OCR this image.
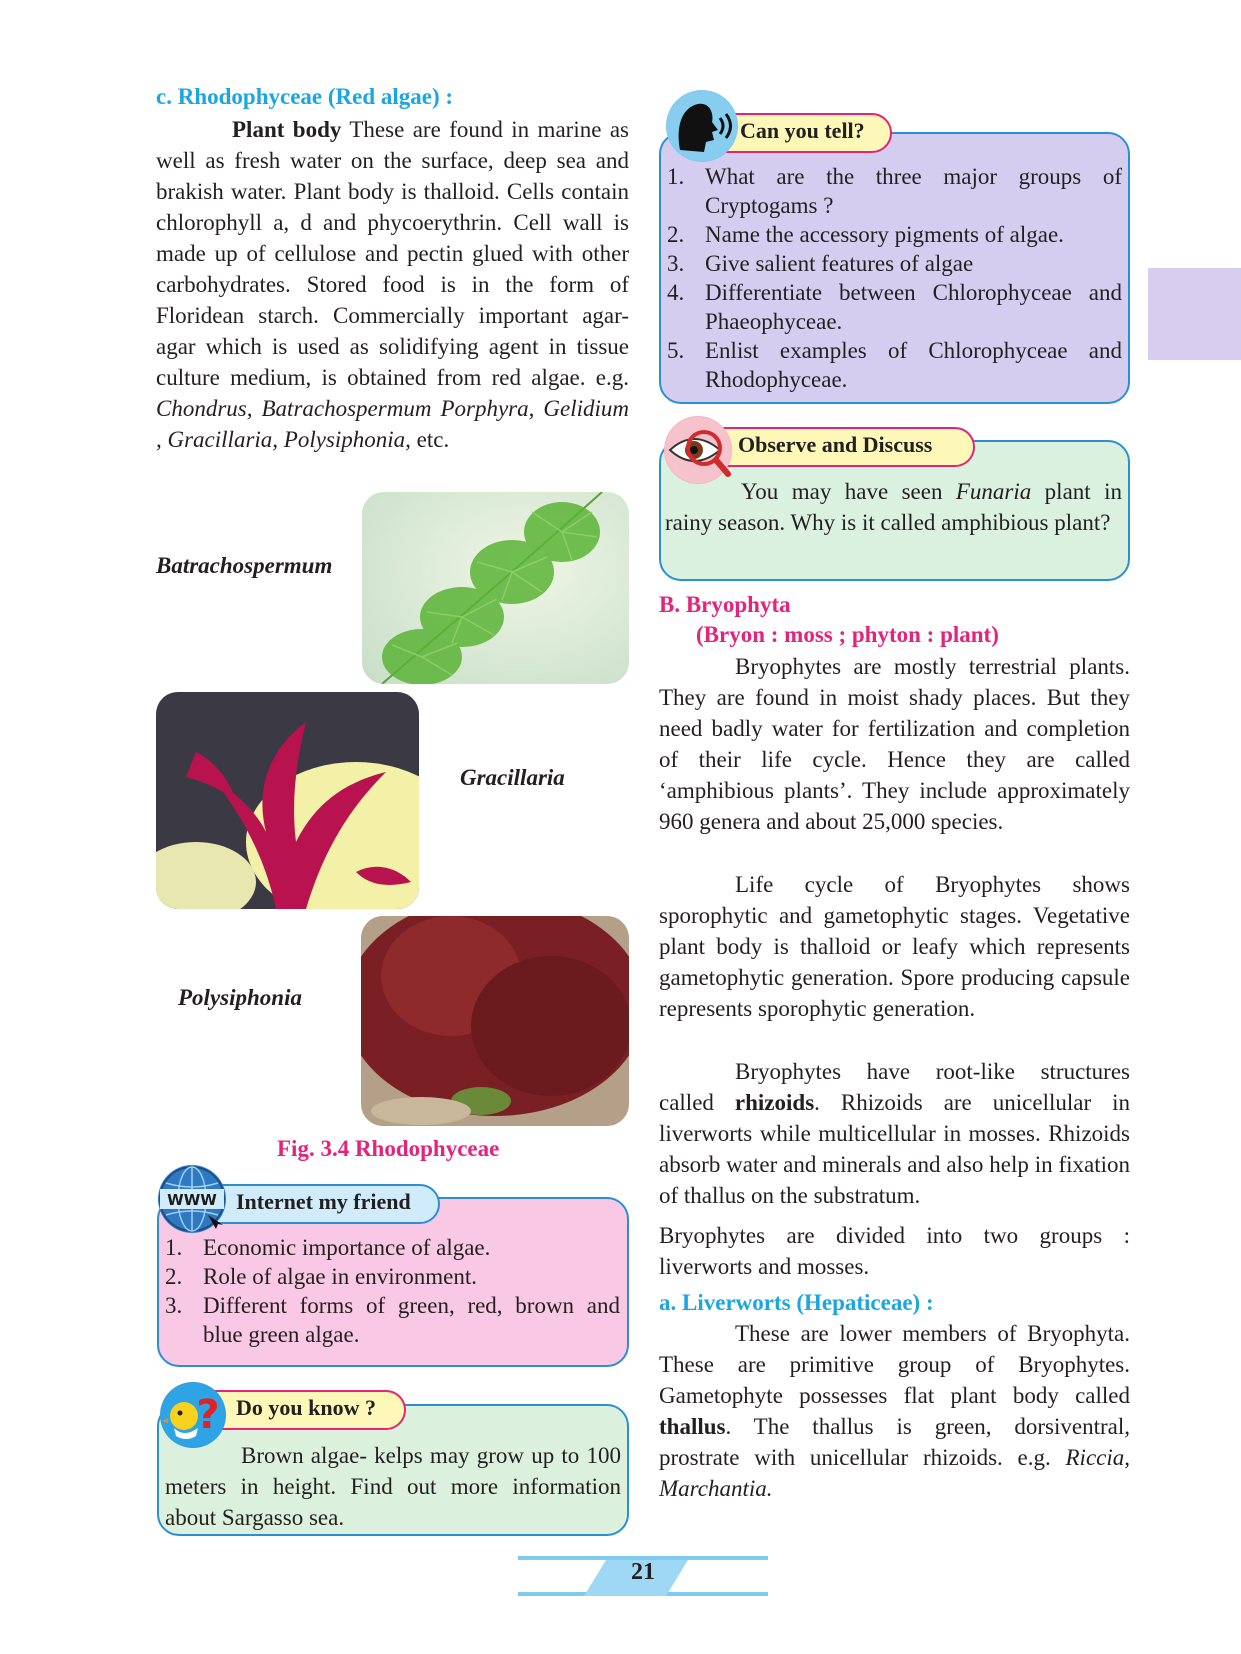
c. Rhodophyceae (Red algae) :

Plant body These are found in marine as well as fresh water on the surface, deep sea and brakish water. Plant body is thalloid. Cells contain chlorophyll a, d and phycoerythrin. Cell wall is made up of cellulose and pectin glued with other carbohydrates. Stored food is in the form of Floridean starch. Commercially important agar-agar which is used as solidifying agent in tissue culture medium, is obtained from red algae. e.g. Chondrus, Batrachospermum Porphyra, Gelidium , Gracillaria, Polysiphonia, etc.

Batrachospermum
Gracillaria
Polysiphonia
Fig. 3.4 Rhodophyceae
1. Economic importance of algae.
2. Role of algae in environment.
3. Different forms of green, red, brown and blue green algae.
Internet my friend
WWW

Brown algae- kelps may grow up to 100 meters in height. Find out more information about Sargasso sea.

Do you know ?
?
1. What are the three major groups of Cryptogams ?
2. Name the accessory pigments of algae.
3. Give salient features of algae
4. Differentiate between Chlorophyceae and Phaeophyceae.
5. Enlist examples of Chlorophyceae and Rhodophyceae.
Can you tell?

You may have seen Funaria plant in rainy season. Why is it called amphibious plant?

Observe and Discuss
B. Bryophyta
(Bryon : moss ; phyton : plant)

Bryophytes are mostly terrestrial plants. They are found in moist shady places. But they need badly water for fertilization and completion of their life cycle. Hence they are called ‘amphibious plants’. They include approximately 960 genera and about 25,000 species.

Life cycle of Bryophytes shows sporophytic and gametophytic stages. Vegetative plant body is thalloid or leafy which represents gametophytic generation. Spore producing capsule represents sporophytic generation.

Bryophytes have root-like structures called rhizoids. Rhizoids are unicellular in liverworts while multicellular in mosses. Rhizoids absorb water and minerals and also help in fixation of thallus on the substratum.

Bryophytes are divided into two groups : liverworts and mosses.

a. Liverworts (Hepaticeae) :

These are lower members of Bryophyta. These are primitive group of Bryophytes. Gametophyte possesses flat plant body called thallus. The thallus is green, dorsiventral, prostrate with unicellular rhizoids. e.g. Riccia, Marchantia.

21
